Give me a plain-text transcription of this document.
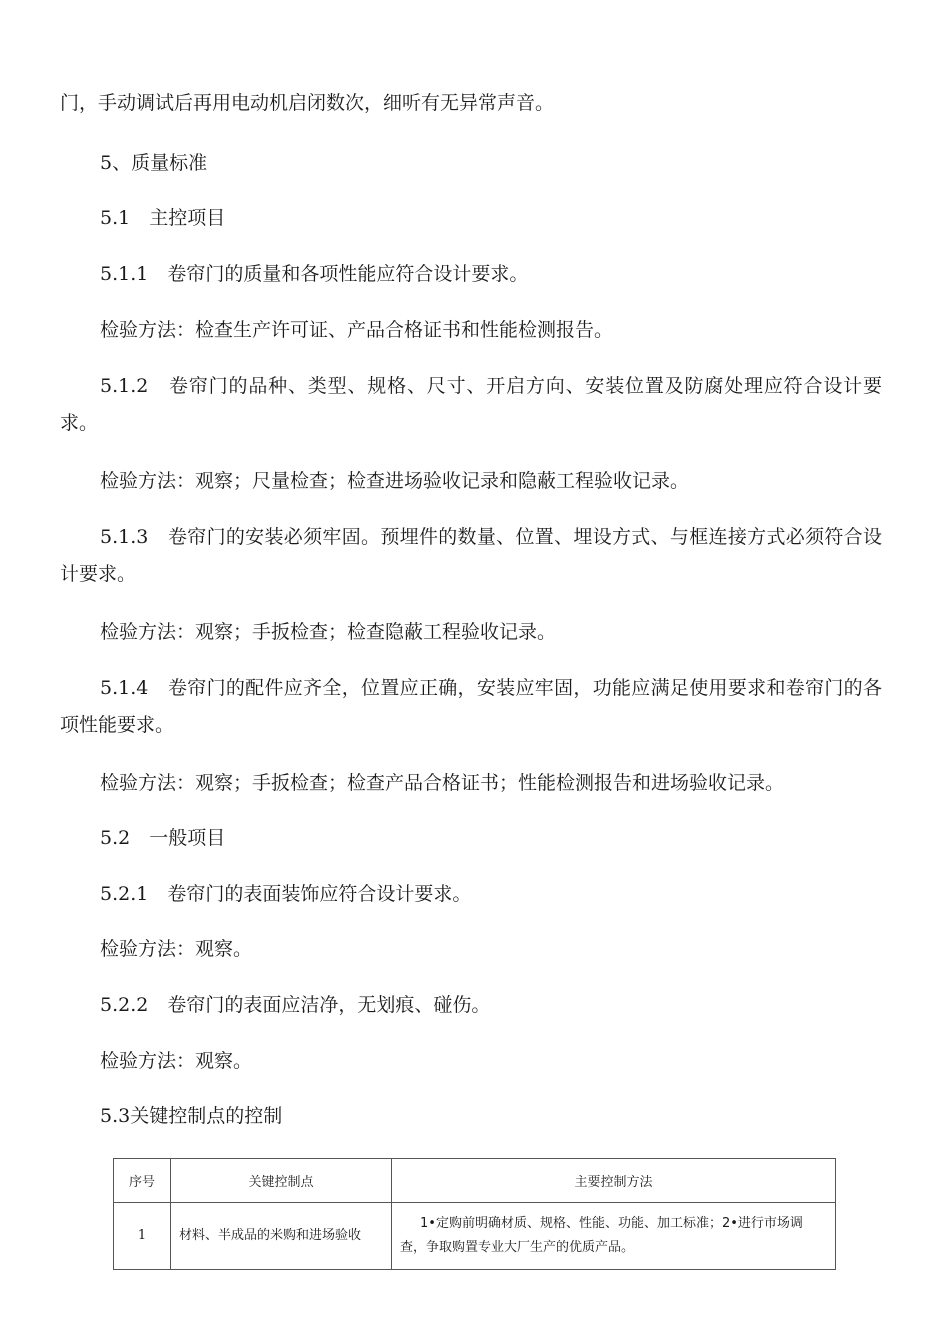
门，手动调试后再用电动机启闭数次，细听有无异常声音。
5、质量标准
5.1　主控项目
5.1.1　卷帘门的质量和各项性能应符合设计要求。
检验方法：检查生产许可证、产品合格证书和性能检测报告。
5.1.2　卷帘门的品种、类型、规格、尺寸、开启方向、安装位置及防腐处理应符合设计要求。
检验方法：观察；尺量检查；检查进场验收记录和隐蔽工程验收记录。
5.1.3　卷帘门的安装必须牢固。预埋件的数量、位置、埋设方式、与框连接方式必须符合设计要求。
检验方法：观察；手扳检查；检查隐蔽工程验收记录。
5.1.4　卷帘门的配件应齐全，位置应正确，安装应牢固，功能应满足使用要求和卷帘门的各项性能要求。
检验方法：观察；手扳检查；检查产品合格证书；性能检测报告和进场验收记录。
5.2　一般项目
5.2.1　卷帘门的表面装饰应符合设计要求。
检验方法：观察。
5.2.2　卷帘门的表面应洁净，无划痕、碰伤。
检验方法：观察。
5.3关键控制点的控制
序号	关键控制点	主要控制方法
1	材料、半成品的米购和进场验收	1•定购前明确材质、规格、性能、功能、加工标准；2•进行市场调查，争取购置专业大厂生产的优质产品。
